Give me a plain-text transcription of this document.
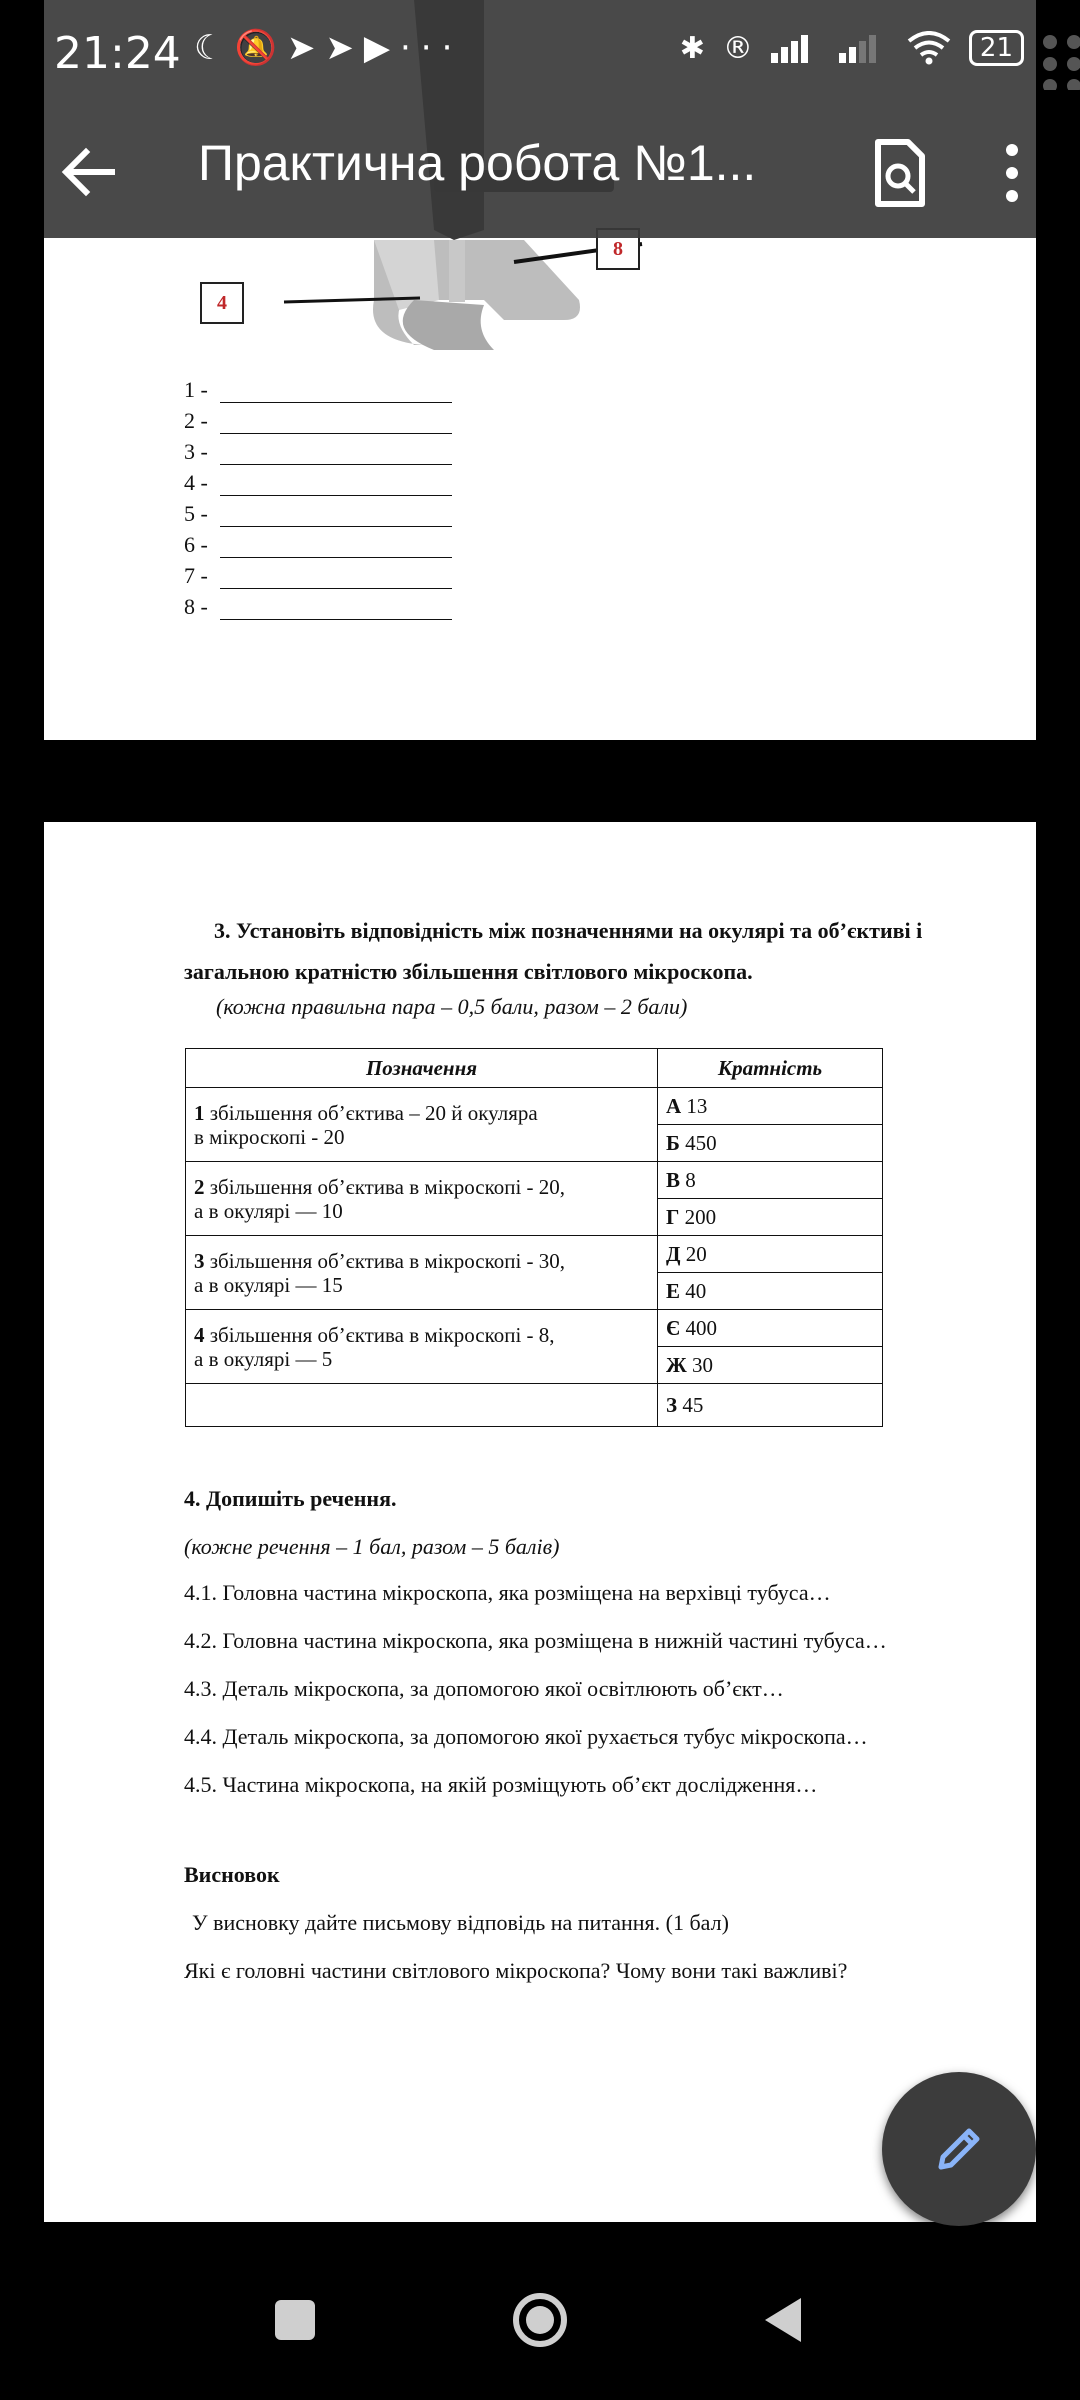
4
8
1 -
2 -
3 -
4 -
5 -
6 -
7 -
8 -
21:24 ☾🔕➤➤▶···	✱ ®	21
Практична робота №1...
3. Установіть відповідність між позначеннями на окулярі та об’єктиві і загальною кратністю збільшення світлового мікроскопа.
(кожна правильна пара – 0,5 бали, разом – 2 бали)
Позначення	Кратність
1 збільшення об’єктива – 20 й окуляра
в мікроскопі - 20	А 13
	Б 450
2 збільшення об’єктива в мікроскопі - 20,
а в окулярі — 10	В 8
	Г 200
3 збільшення об’єктива в мікроскопі - 30,
а в окулярі — 15	Д 20
	Е 40
4 збільшення об’єктива в мікроскопі - 8,
а в окулярі — 5	Є 400
	Ж 30
	З 45
4. Допишіть речення.
(кожне речення – 1 бал, разом – 5 балів)
4.1. Головна частина мікроскопа, яка розміщена на верхівці тубуса…
4.2. Головна частина мікроскопа, яка розміщена в нижній частині тубуса…
4.3. Деталь мікроскопа, за допомогою якої освітлюють об’єкт…
4.4. Деталь мікроскопа, за допомогою якої рухається тубус мікроскопа…
4.5. Частина мікроскопа, на якій розміщують об’єкт дослідження…
Висновок
У висновку дайте письмову відповідь на питання. (1 бал)
Які є головні частини світлового мікроскопа? Чому вони такі важливі?
